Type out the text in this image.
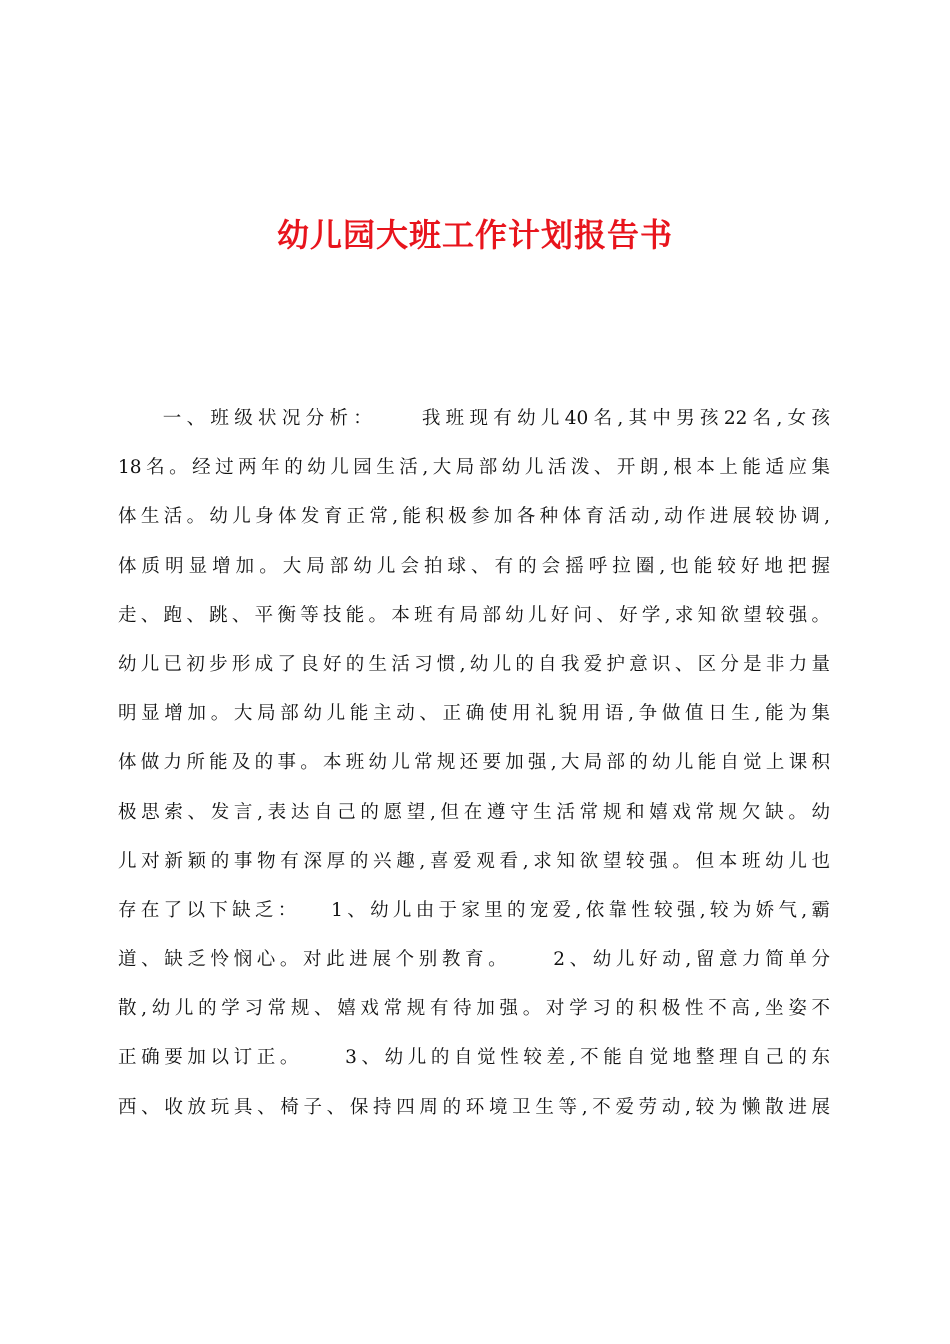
幼儿园大班工作计划报告书
一、班级状况分析：    我班现有幼儿40名,其中男孩22名,女孩
18名。经过两年的幼儿园生活,大局部幼儿活泼、开朗,根本上能适应集
体生活。幼儿身体发育正常,能积极参加各种体育活动,动作进展较协调,
体质明显增加。大局部幼儿会拍球、有的会摇呼拉圈,也能较好地把握
走、跑、跳、平衡等技能。本班有局部幼儿好问、好学,求知欲望较强。
幼儿已初步形成了良好的生活习惯,幼儿的自我爱护意识、区分是非力量
明显增加。大局部幼儿能主动、正确使用礼貌用语,争做值日生,能为集
体做力所能及的事。本班幼儿常规还要加强,大局部的幼儿能自觉上课积
极思索、发言,表达自己的愿望,但在遵守生活常规和嬉戏常规欠缺。幼
儿对新颖的事物有深厚的兴趣,喜爱观看,求知欲望较强。但本班幼儿也
存在了以下缺乏：   1、幼儿由于家里的宠爱,依靠性较强,较为娇气,霸
道、缺乏怜悯心。对此进展个别教育。    2、幼儿好动,留意力简单分
散,幼儿的学习常规、嬉戏常规有待加强。对学习的积极性不高,坐姿不
正确要加以订正。    3、幼儿的自觉性较差,不能自觉地整理自己的东
西、收放玩具、椅子、保持四周的环境卫生等,不爱劳动,较为懒散进展
